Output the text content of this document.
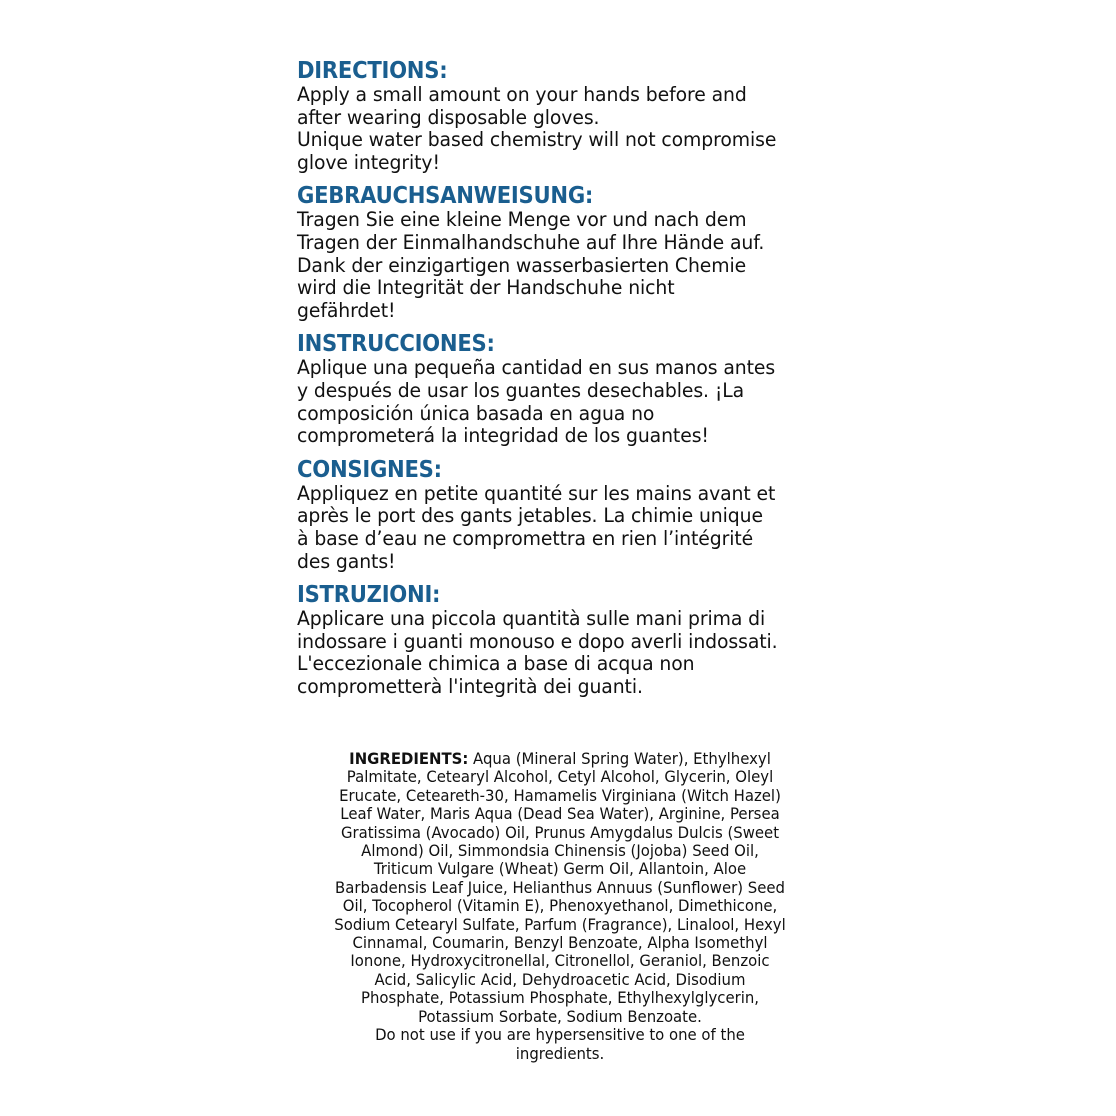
DIRECTIONS:

Apply a small amount on your hands before and

after wearing disposable gloves.

Unique water based chemistry will not compromise

glove integrity!

GEBRAUCHSANWEISUNG:

Tragen Sie eine kleine Menge vor und nach dem

Tragen der Einmalhandschuhe auf Ihre Hände auf.

Dank der einzigartigen wasserbasierten Chemie

wird die Integrität der Handschuhe nicht

gefährdet!

INSTRUCCIONES:

Aplique una pequeña cantidad en sus manos antes

y después de usar los guantes desechables. ¡La

composición única basada en agua no

comprometerá la integridad de los guantes!

CONSIGNES:

Appliquez en petite quantité sur les mains avant et

après le port des gants jetables. La chimie unique

à base d’eau ne compromettra en rien l’intégrité

des gants!

ISTRUZIONI:

Applicare una piccola quantità sulle mani prima di

indossare i guanti monouso e dopo averli indossati.

L'eccezionale chimica a base di acqua non

comprometterà l'integrità dei guanti.

INGREDIENTS: Aqua (Mineral Spring Water), Ethylhexyl

Palmitate, Cetearyl Alcohol, Cetyl Alcohol, Glycerin, Oleyl

Erucate, Ceteareth-30, Hamamelis Virginiana (Witch Hazel)

Leaf Water, Maris Aqua (Dead Sea Water), Arginine, Persea

Gratissima (Avocado) Oil, Prunus Amygdalus Dulcis (Sweet

Almond) Oil, Simmondsia Chinensis (Jojoba) Seed Oil,

Triticum Vulgare (Wheat) Germ Oil, Allantoin, Aloe

Barbadensis Leaf Juice, Helianthus Annuus (Sunflower) Seed

Oil, Tocopherol (Vitamin E), Phenoxyethanol, Dimethicone,

Sodium Cetearyl Sulfate, Parfum (Fragrance), Linalool, Hexyl

Cinnamal, Coumarin, Benzyl Benzoate, Alpha Isomethyl

Ionone, Hydroxycitronellal, Citronellol, Geraniol, Benzoic

Acid, Salicylic Acid, Dehydroacetic Acid, Disodium

Phosphate, Potassium Phosphate, Ethylhexylglycerin,

Potassium Sorbate, Sodium Benzoate.

Do not use if you are hypersensitive to one of the

ingredients.
